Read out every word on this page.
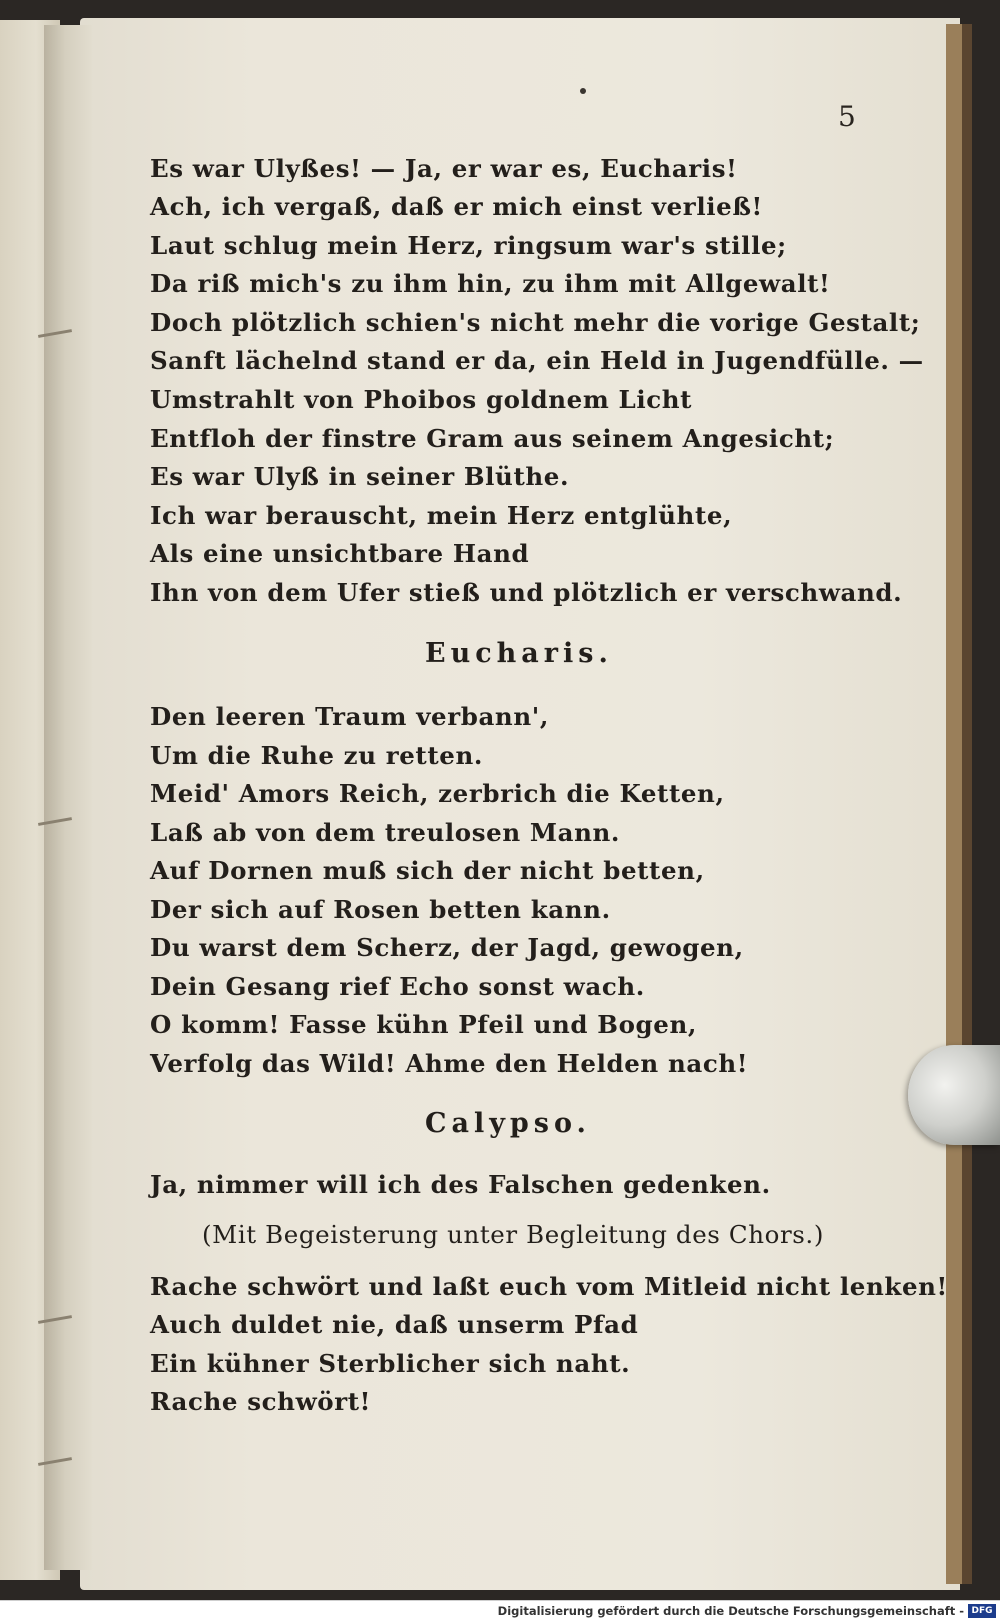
5
Es war Ulyßes! — Ja, er war es, Eucharis!
Ach, ich vergaß, daß er mich einst verließ!
Laut schlug mein Herz, ringsum war's stille;
Da riß mich's zu ihm hin, zu ihm mit Allgewalt!
Doch plötzlich schien's nicht mehr die vorige Gestalt;
Sanft lächelnd stand er da, ein Held in Jugendfülle. —
Umstrahlt von Phoibos goldnem Licht
Entfloh der finstre Gram aus seinem Angesicht;
Es war Ulyß in seiner Blüthe.
Ich war berauscht, mein Herz entglühte,
Als eine unsichtbare Hand
Ihn von dem Ufer stieß und plötzlich er verschwand.
Eucharis.
Den leeren Traum verbann',
Um die Ruhe zu retten.
Meid' Amors Reich, zerbrich die Ketten,
Laß ab von dem treulosen Mann.
Auf Dornen muß sich der nicht betten,
Der sich auf Rosen betten kann.
Du warst dem Scherz, der Jagd, gewogen,
Dein Gesang rief Echo sonst wach.
O komm! Fasse kühn Pfeil und Bogen,
Verfolg das Wild! Ahme den Helden nach!
Calypso.
Ja, nimmer will ich des Falschen gedenken.
(Mit Begeisterung unter Begleitung des Chors.)
Rache schwört und laßt euch vom Mitleid nicht lenken!
Auch duldet nie, daß unserm Pfad
Ein kühner Sterblicher sich naht.
Rache schwört!
Digitalisierung gefördert durch die Deutsche Forschungsgemeinschaft - DFG
